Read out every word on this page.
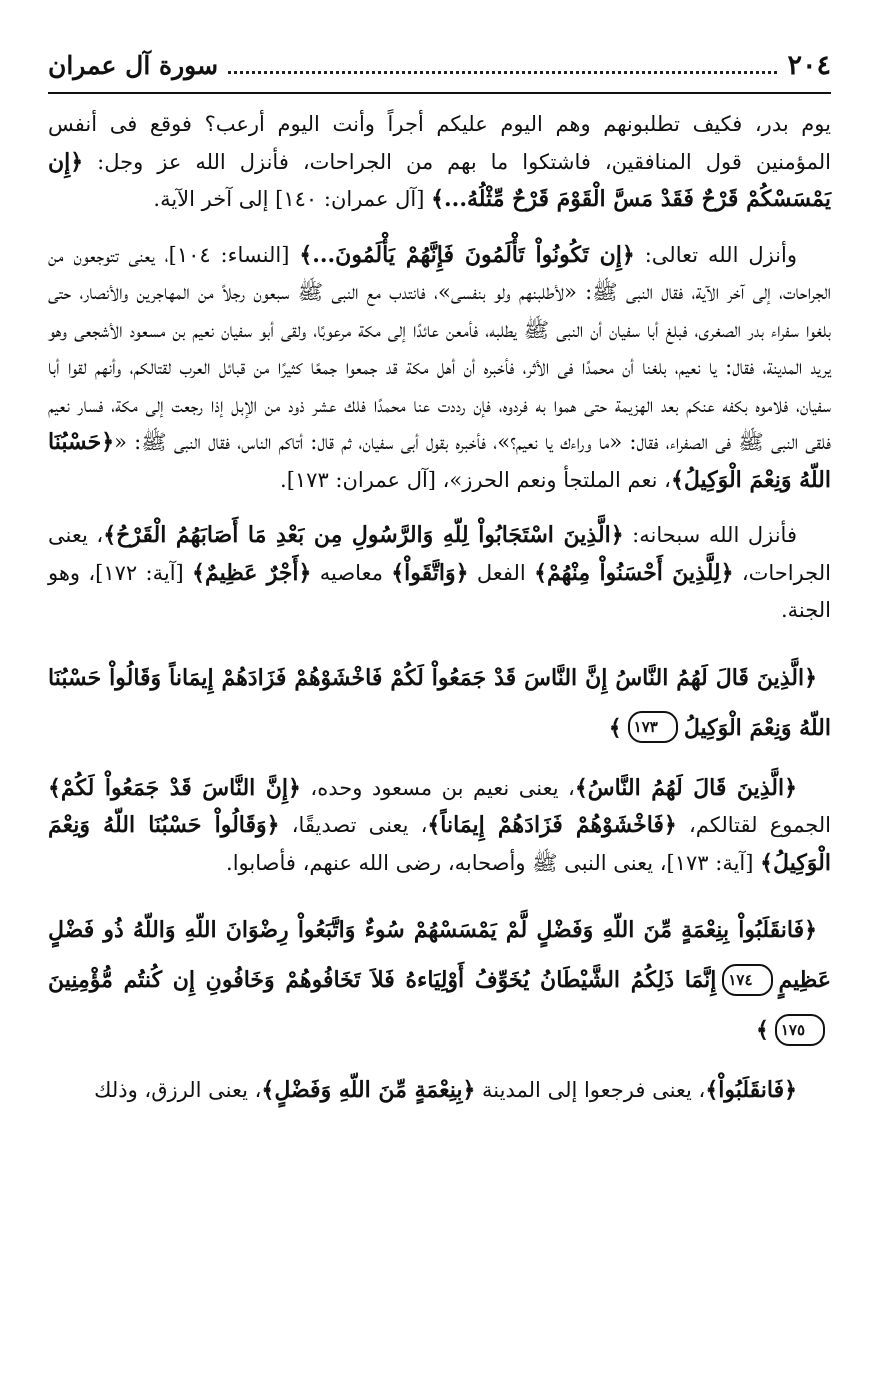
٢٠٤
سورة آل عمران

يوم بدر، فكيف تطلبونهم وهم اليوم عليكم أجراً وأنت اليوم أرعب؟ فوقع فى أنفس المؤمنين قول المنافقين، فاشتكوا ما بهم من الجراحات، فأنزل الله عز وجل: ﴿إِن يَمْسَسْكُمْ قَرْحٌ فَقَدْ مَسَّ الْقَوْمَ قَرْحٌ مِّثْلُهُ...﴾ [آل عمران: ١٤٠] إلى آخر الآية.

وأنزل الله تعالى: ﴿إِن تَكُونُواْ تَأْلَمُونَ فَإِنَّهُمْ يَأْلَمُونَ...﴾ [النساء: ١٠٤]، يعنى تتوجعون من الجراحات، إلى آخر الآية، فقال النبى ﷺ: «لأطلبنهم ولو بنفسى»، فانتدب مع النبى ﷺ سبعون رجلاً من المهاجرين والأنصار، حتى بلغوا سفراء بدر الصغرى، فبلغ أبا سفيان أن النبى ﷺ يطلبه، فأمعن عائدًا إلى مكة مرعوبًا، ولقى أبو سفيان نعيم بن مسعود الأشجعى وهو يريد المدينة، فقال: يا نعيم، بلغنا أن محمدًا فى الأثر، فأخبره أن أهل مكة قد جمعوا جمعًا كثيرًا من قبائل العرب لقتالكم، وأنهم لقوا أبا سفيان، فلاموه بكفه عنكم بعد الهزيمة حتى هموا به فردوه، فإن رددت عنا محمدًا فلك عشر ذود من الإبل إذا رجعت إلى مكة، فسار نعيم فلقى النبى ﷺ فى الصفراء، فقال: «ما وراءك يا نعيم؟»، فأخبره بقول أبى سفيان، ثم قال: أتاكم الناس، فقال النبى ﷺ: «﴿حَسْبُنَا اللّهُ وَنِعْمَ الْوَكِيلُ﴾، نعم الملتجأ ونعم الحرز»، [آل عمران: ١٧٣].

فأنزل الله سبحانه: ﴿الَّذِينَ اسْتَجَابُواْ لِلّهِ وَالرَّسُولِ مِن بَعْدِ مَا أَصَابَهُمُ الْقَرْحُ﴾، يعنى الجراحات، ﴿لِلَّذِينَ أَحْسَنُواْ مِنْهُمْ﴾ الفعل ﴿وَاتَّقَواْ﴾ معاصيه ﴿أَجْرٌ عَظِيمٌ﴾ [آية: ١٧٢]، وهو الجنة.

﴿الَّذِينَ قَالَ لَهُمُ النَّاسُ إِنَّ النَّاسَ قَدْ جَمَعُواْ لَكُمْ فَاخْشَوْهُمْ فَزَادَهُمْ إِيمَاناً وَقَالُواْ حَسْبُنَا اللّهُ وَنِعْمَ الْوَكِيلُ١٧٣﴾

﴿الَّذِينَ قَالَ لَهُمُ النَّاسُ﴾، يعنى نعيم بن مسعود وحده، ﴿إِنَّ النَّاسَ قَدْ جَمَعُواْ لَكُمْ﴾ الجموع لقتالكم، ﴿فَاخْشَوْهُمْ فَزَادَهُمْ إِيمَاناً﴾، يعنى تصديقًا، ﴿وَقَالُواْ حَسْبُنَا اللّهُ وَنِعْمَ الْوَكِيلُ﴾ [آية: ١٧٣]، يعنى النبى ﷺ وأصحابه، رضى الله عنهم، فأصابوا.

﴿فَانقَلَبُواْ بِنِعْمَةٍ مِّنَ اللّهِ وَفَضْلٍ لَّمْ يَمْسَسْهُمْ سُوءٌ وَاتَّبَعُواْ رِضْوَانَ اللّهِ وَاللّهُ ذُو فَضْلٍ عَظِيمٍ١٧٤إِنَّمَا ذَلِكُمُ الشَّيْطَانُ يُخَوِّفُ أَوْلِيَاءهُ فَلاَ تَخَافُوهُمْ وَخَافُونِ إِن كُنتُم مُّؤْمِنِينَ١٧٥﴾

﴿فَانقَلَبُواْ﴾، يعنى فرجعوا إلى المدينة ﴿بِنِعْمَةٍ مِّنَ اللّهِ وَفَضْلٍ﴾، يعنى الرزق، وذلك
